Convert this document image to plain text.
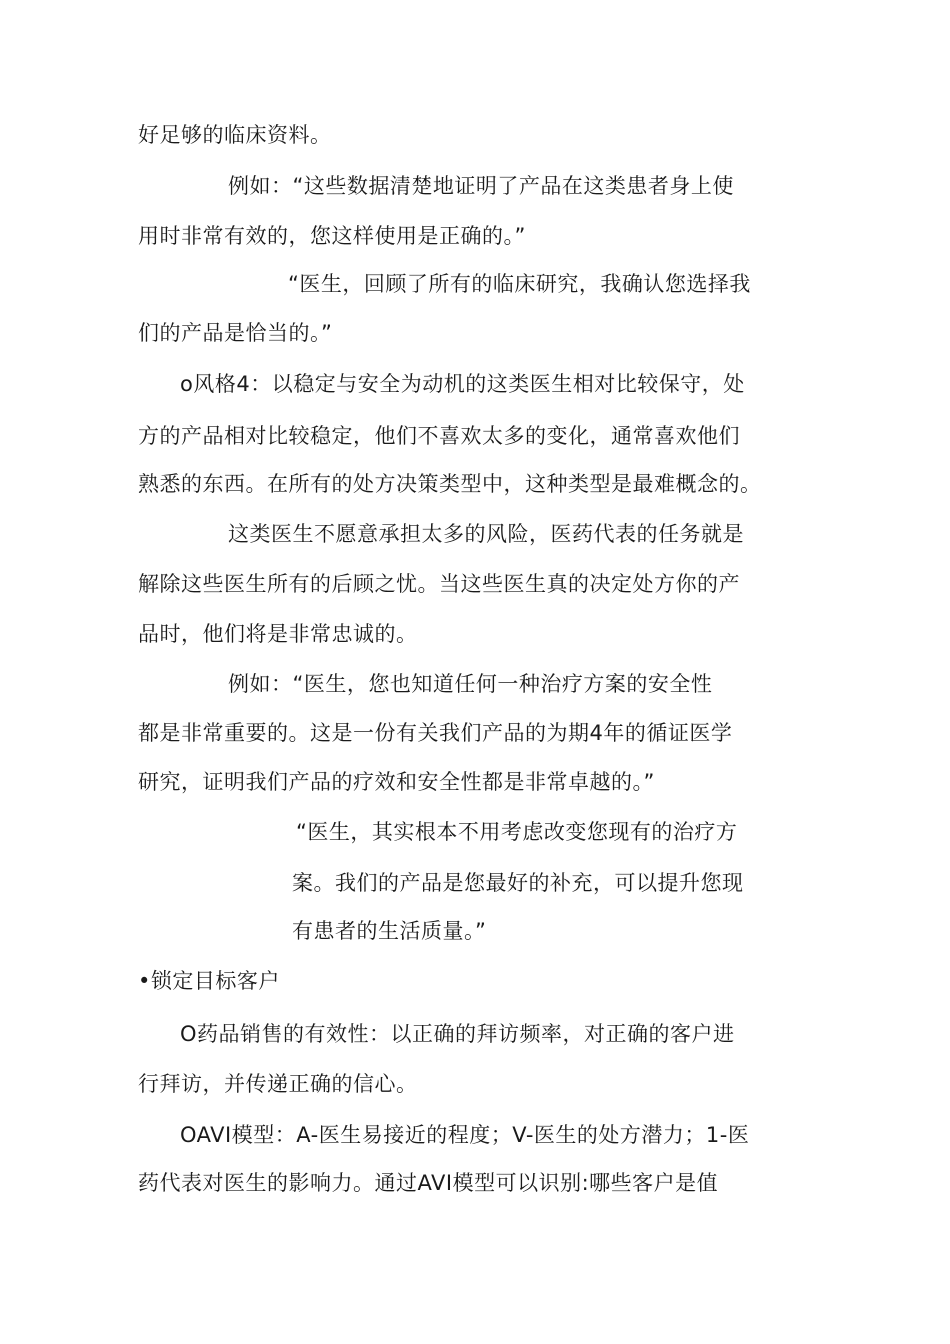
好足够的临床资料。
例如：“这些数据清楚地证明了产品在这类患者身上使
用时非常有效的，您这样使用是正确的。”
“医生，回顾了所有的临床研究，我确认您选择我
们的产品是恰当的。”
o风格4：以稳定与安全为动机的这类医生相对比较保守，处
方的产品相对比较稳定，他们不喜欢太多的变化，通常喜欢他们
熟悉的东西。在所有的处方决策类型中，这种类型是最难概念的。
这类医生不愿意承担太多的风险，医药代表的任务就是
解除这些医生所有的后顾之忧。当这些医生真的决定处方你的产
品时，他们将是非常忠诚的。
例如：“医生，您也知道任何一种治疗方案的安全性
都是非常重要的。这是一份有关我们产品的为期4年的循证医学
研究，证明我们产品的疗效和安全性都是非常卓越的。”
“医生，其实根本不用考虑改变您现有的治疗方
案。我们的产品是您最好的补充，可以提升您现
有患者的生活质量。”
•锁定目标客户
O药品销售的有效性：以正确的拜访频率，对正确的客户进
行拜访，并传递正确的信心。
OAVI模型：A-医生易接近的程度；V-医生的处方潜力；1-医
药代表对医生的影响力。通过AVI模型可以识别:哪些客户是值
